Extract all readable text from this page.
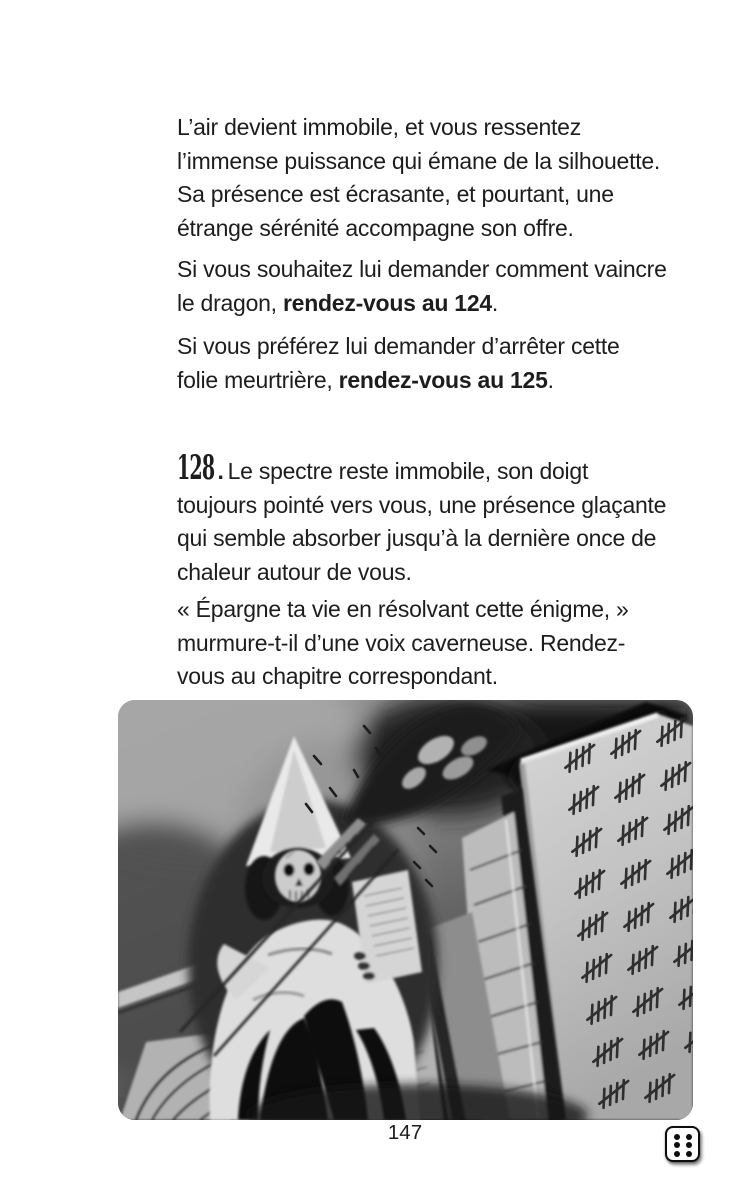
L’air devient immobile, et vous ressentez
l’immense puissance qui émane de la silhouette.
Sa présence est écrasante, et pourtant, une
étrange sérénité accompagne son offre.
Si vous souhaitez lui demander comment vaincre
le dragon, rendez-vous au 124.
Si vous préférez lui demander d’arrêter cette
folie meurtrière, rendez-vous au 125.
128 . Le spectre reste immobile, son doigt
toujours pointé vers vous, une présence glaçante
qui semble absorber jusqu’à la dernière once de
chaleur autour de vous.
« Épargne ta vie en résolvant cette énigme, »
murmure-t-il d’une voix caverneuse. Rendez-
vous au chapitre correspondant.
147
